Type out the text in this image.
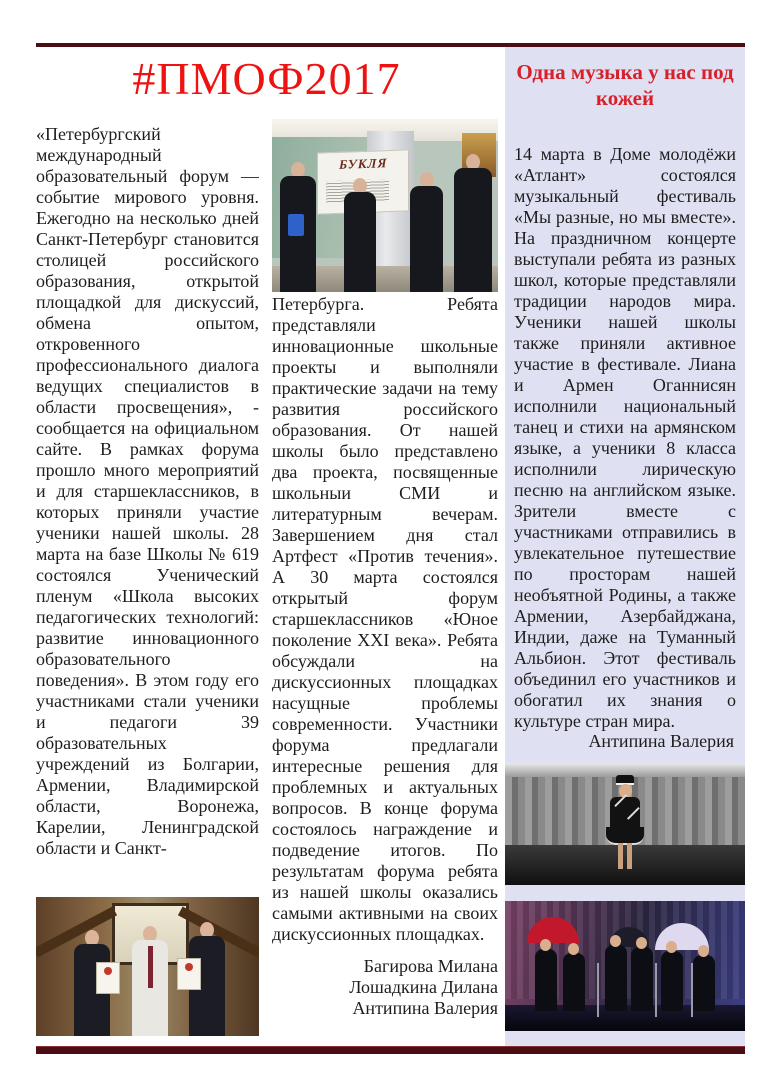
#ПМОФ2017

«Петербургский международный образовательный форум — событие мирового уровня. Ежегодно на несколько дней Санкт-Петербург становится столицей российского образования, открытой площадкой для дискуссий, обмена опытом, откровенного профессионального диалога ведущих специалистов в области просвещения», - сообщается на официальном сайте. В рамках форума прошло много мероприятий и для старшеклассников, в которых приняли участие ученики нашей школы. 28 марта на базе Школы № 619 состоялся Ученический пленум «Школа высоких педагогических технологий: развитие инновационного образовательного поведения». В этом году его участниками стали ученики и педагоги 39 образовательных учреждений из Болгарии, Армении, Владимирской области, Воронежа, Карелии, Ленинградской области и Санкт-

БУКЛЯ

Петербурга. Ребята представляли инновационные школьные проекты и выполняли практические задачи на тему развития российского образования. От нашей школы было представлено два проекта, посвященные школьныи СМИ и литературным вечерам. Завершением дня стал Артфест «Против течения». А 30 марта состоялся открытый форум старшеклассников «Юное поколение XXI века». Ребята обсуждали на дискуссионных площадках насущные проблемы современности. Участники форума предлагали интересные решения для проблемных и актуальных вопросов. В конце форума состоялось награждение и подведение итогов. По результатам форума ребята из нашей школы оказались самыми активными на своих дискуссионных площадках.

Багирова Милана
Лошадкина Дилана
Антипина Валерия
Одна музыка у нас под кожей

14 марта в Доме молодёжи «Атлант» состоялся музыкальный фестиваль «Мы разные, но мы вместе». На праздничном концерте выступали ребята из разных школ, которые представляли традиции народов мира. Ученики нашей школы также приняли активное участие в фестивале. Лиана и Армен Оганнисян исполнили национальный танец и стихи на армянском языке, а ученики 8 класса исполнили лирическую песню на английском языке. Зрители вместе с участниками отправились в увлекательное путешествие по просторам нашей необъятной Родины, а также Армении, Азербайджана, Индии, даже на Туманный Альбион. Этот фестиваль объединил его участников и обогатил их знания о культуре стран мира.

Антипина Валерия
